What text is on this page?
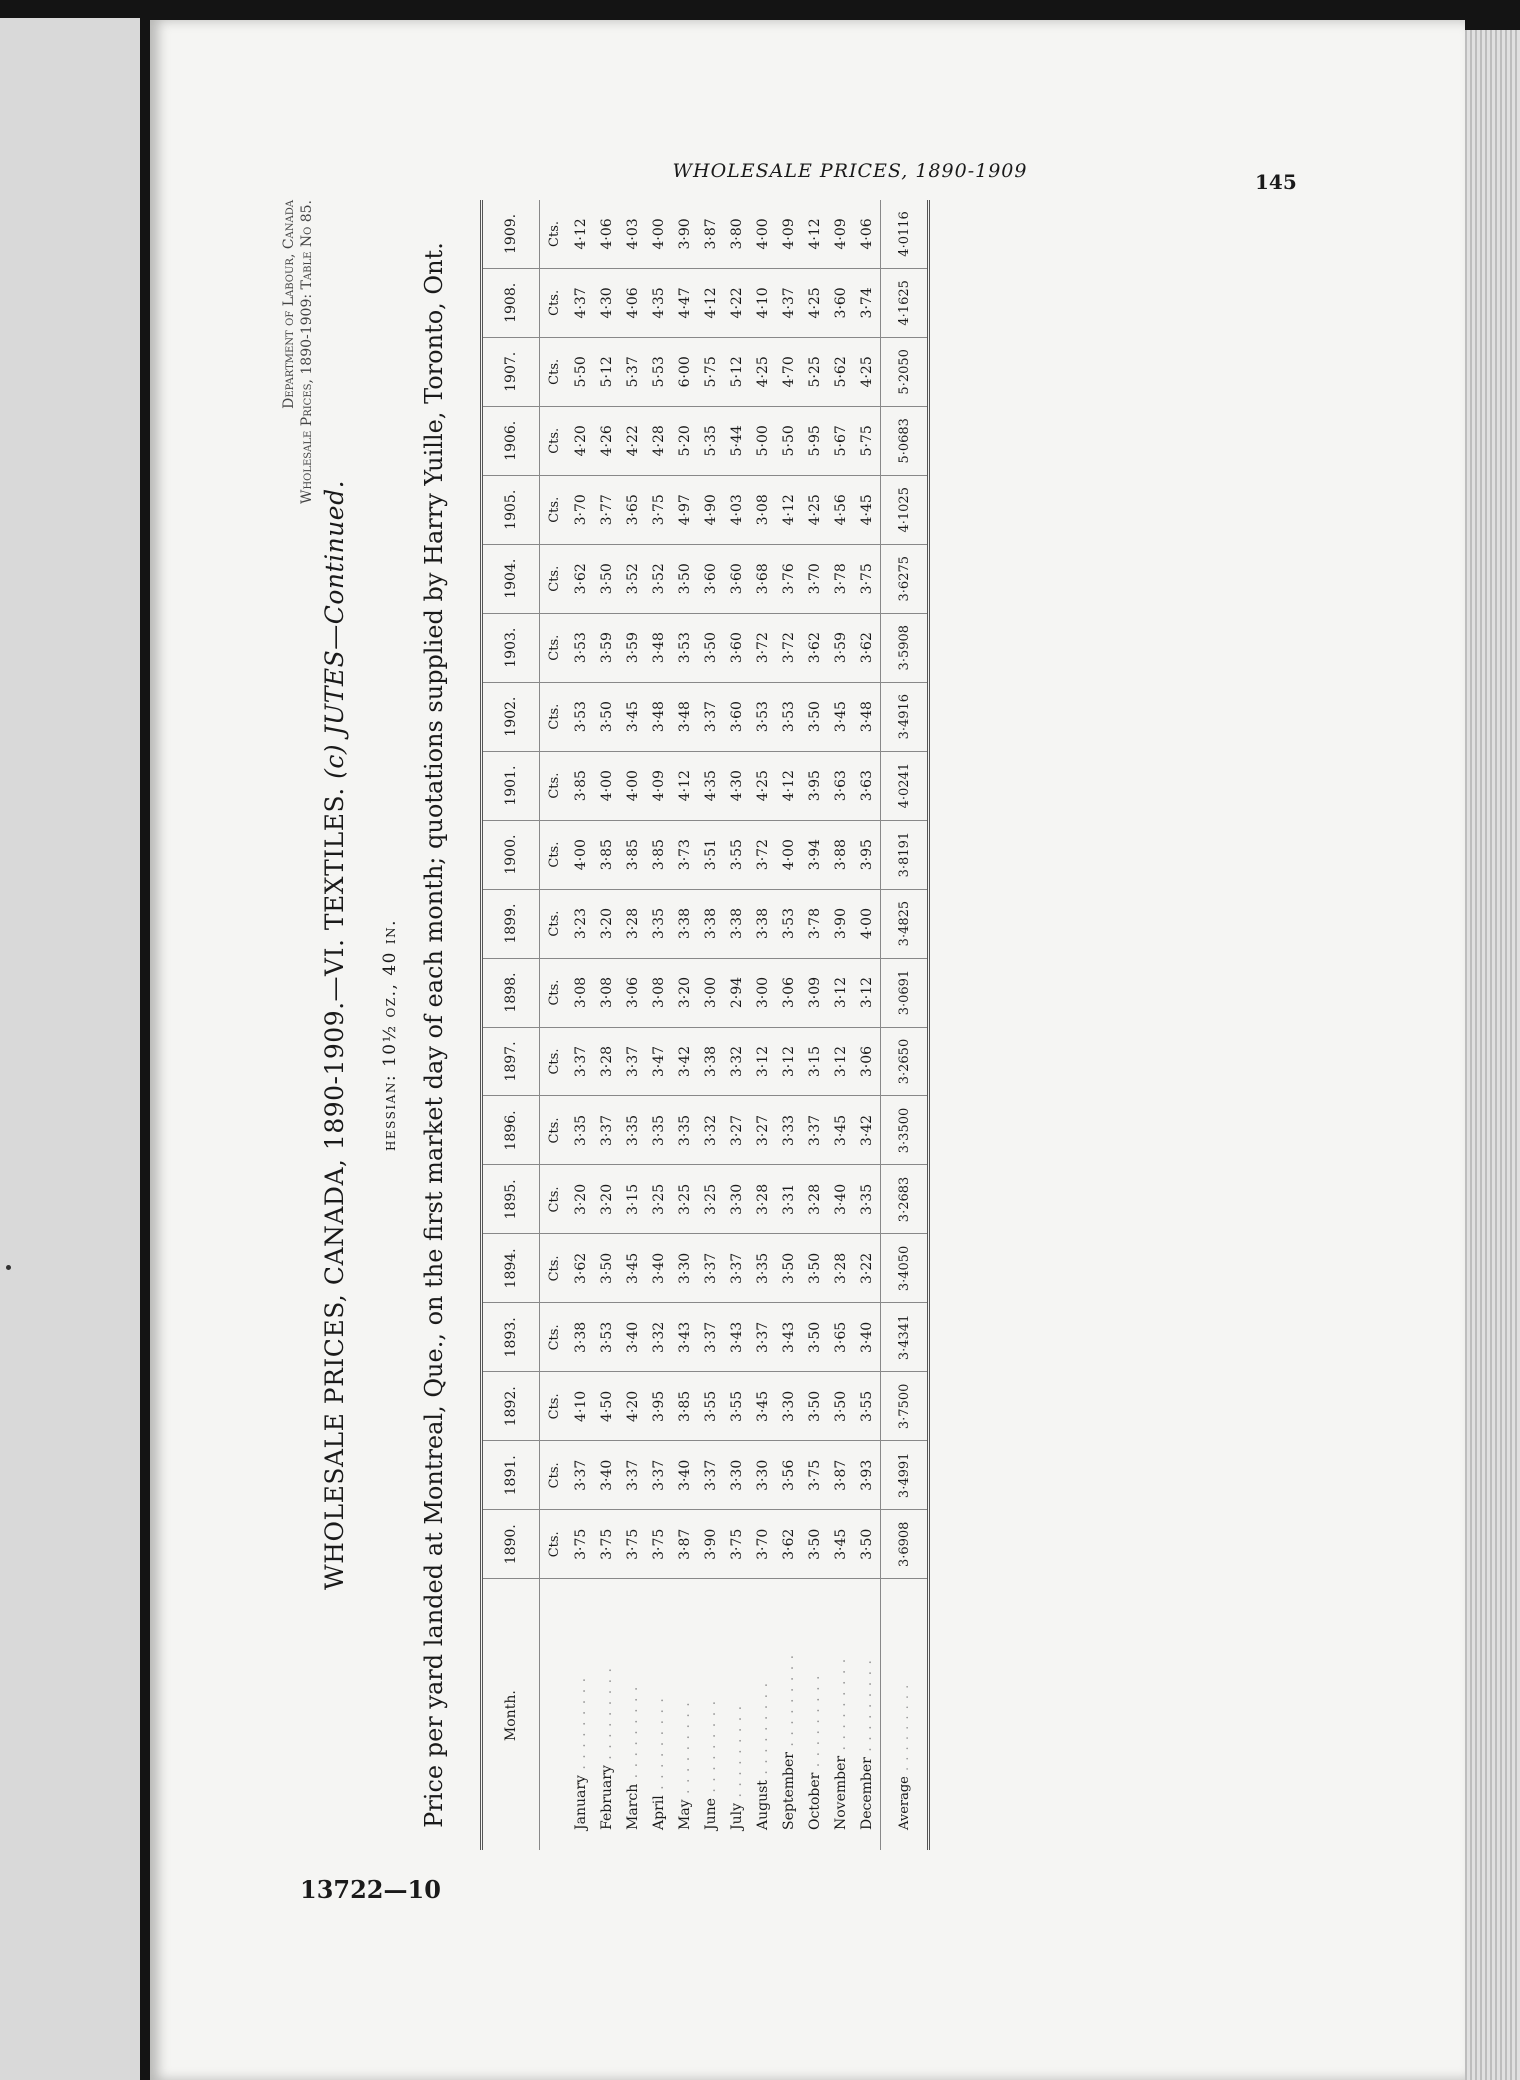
WHOLESALE PRICES, 1890-1909	145
13722—10
Department of Labour, Canada Wholesale Prices, 1890-1909: Table No 85.
WHOLESALE PRICES, CANADA, 1890-1909.—VI. TEXTILES. (c) JUTES—Continued.
hessian: 10½ oz., 40 in. Price per yard landed at Montreal, Que., on the first market day of each month; quotations supplied by Harry Yuille, Toronto, Ont.	Month.	1890.	1891.	1892.	1893.	1894.	1895.	1896.	1897.	1898.	1899.	1900.	1901.	1902.	1903.	1904.	1905.	1906.	1907.	1908.	1909.
	Cts.	Cts.	Cts.	Cts.	Cts.	Cts.	Cts.	Cts.	Cts.	Cts.	Cts.	Cts.	Cts.	Cts.	Cts.	Cts.	Cts.	Cts.	Cts.	Cts.
January . . .	3·75	3·37	4·10	3·38	3·62	3·20	3·35	3·37	3·08	3·23	4·00	3·85	3·53	3·53	3·62	3·70	4·20	5·50	4·37	4·12
February . . .	3·75	3·40	4·50	3·53	3·50	3·20	3·37	3·28	3·08	3·20	3·85	4·00	3·50	3·59	3·50	3·77	4·26	5·12	4·30	4·06
March . . .	3·75	3·37	4·20	3·40	3·45	3·15	3·35	3·37	3·06	3·28	3·85	4·00	3·45	3·59	3·52	3·65	4·22	5·37	4·06	4·03
April . . .	3·75	3·37	3·95	3·32	3·40	3·25	3·35	3·47	3·08	3·35	3·85	4·09	3·48	3·48	3·52	3·75	4·28	5·53	4·35	4·00
May . . .	3·87	3·40	3·85	3·43	3·30	3·25	3·35	3·42	3·20	3·38	3·73	4·12	3·48	3·53	3·50	4·97	5·20	6·00	4·47	3·90
June . . .	3·90	3·37	3·55	3·37	3·37	3·25	3·32	3·38	3·00	3·38	3·51	4·35	3·37	3·50	3·60	4·90	5·35	5·75	4·12	3·87
July . . .	3·75	3·30	3·55	3·43	3·37	3·30	3·27	3·32	2·94	3·38	3·55	4·30	3·60	3·60	3·60	4·03	5·44	5·12	4·22	3·80
August . . .	3·70	3·30	3·45	3·37	3·35	3·28	3·27	3·12	3·00	3·38	3·72	4·25	3·53	3·72	3·68	3·08	5·00	4·25	4·10	4·00
September . . .	3·62	3·56	3·30	3·43	3·50	3·31	3·33	3·12	3·06	3·53	4·00	4·12	3·53	3·72	3·76	4·12	5·50	4·70	4·37	4·09
October . . .	3·50	3·75	3·50	3·50	3·50	3·28	3·37	3·15	3·09	3·78	3·94	3·95	3·50	3·62	3·70	4·25	5·95	5·25	4·25	4·12
November . . .	3·45	3·87	3·50	3·65	3·28	3·40	3·45	3·12	3·12	3·90	3·88	3·63	3·45	3·59	3·78	4·56	5·67	5·62	3·60	4·09
December . . .	3·50	3·93	3·55	3·40	3·22	3·35	3·42	3·06	3·12	4·00	3·95	3·63	3·48	3·62	3·75	4·45	5·75	4·25	3·74	4·06
Average . . .	3·6908	3·4991	3·7500	3·4341	3·4050	3·2683	3·3500	3·2650	3·0691	3·4825	3·8191	4·0241	3·4916	3·5908	3·6275	4·1025	5·0683	5·2050	4·1625	4·0116
